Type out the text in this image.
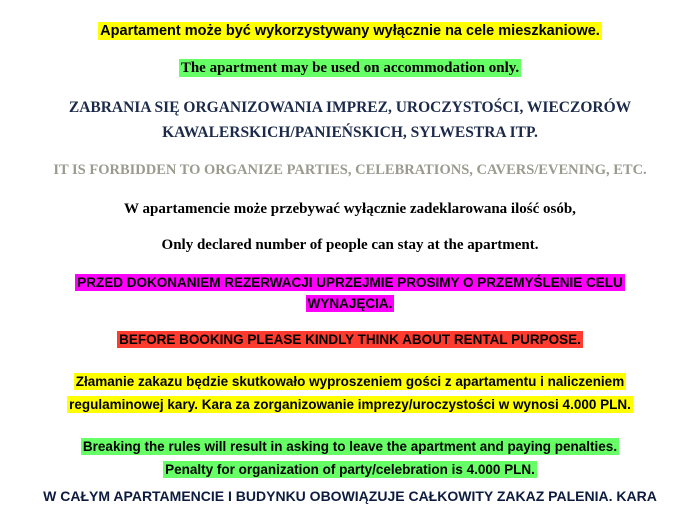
Apartament może być wykorzystywany wyłącznie na cele mieszkaniowe.

The apartment may be used on accommodation only.

ZABRANIA SIĘ ORGANIZOWANIA IMPREZ, UROCZYSTOŚCI, WIECZORÓW
KAWALERSKICH/PANIEŃSKICH, SYLWESTRA ITP.

IT IS FORBIDDEN TO ORGANIZE PARTIES, CELEBRATIONS, CAVERS/EVENING, ETC.

W apartamencie może przebywać wyłącznie zadeklarowana ilość osób,

Only declared number of people can stay at the apartment.

PRZED DOKONANIEM REZERWACJI UPRZEJMIE PROSIMY O PRZEMYŚLENIE CELU
WYNAJĘCIA.

BEFORE BOOKING PLEASE KINDLY THINK ABOUT RENTAL PURPOSE.

Złamanie zakazu będzie skutkowało wyproszeniem gości z apartamentu i naliczeniem
regulaminowej kary. Kara za zorganizowanie imprezy/uroczystości w wynosi 4.000 PLN.

Breaking the rules will result in asking to leave the apartment and paying penalties.
Penalty for organization of party/celebration is 4.000 PLN.

W CAŁYM APARTAMENCIE I BUDYNKU OBOWIĄZUJE CAŁKOWITY ZAKAZ PALENIA. KARA
